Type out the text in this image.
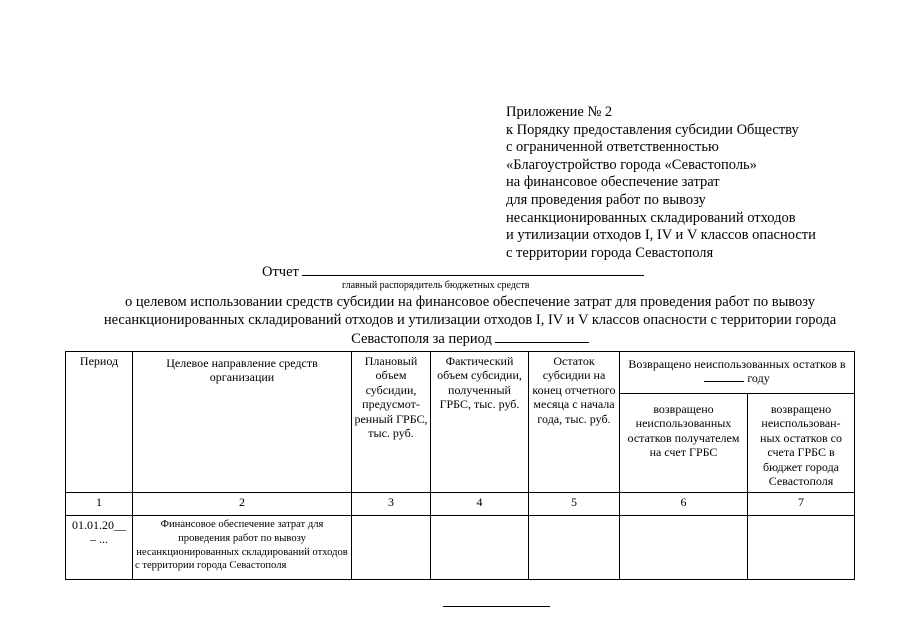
Приложение № 2
к Порядку предоставления субсидии Обществу
с ограниченной ответственностью
«Благоустройство города «Севастополь»
на финансовое обеспечение затрат
для проведения работ по вывозу
несанкционированных складирований отходов
и утилизации отходов I, IV и V классов опасности
с территории города Севастополя
Отчет
главный распорядитель бюджетных средств
о целевом использовании средств субсидии на финансовое обеспечение затрат для проведения работ по вывозу
несанкционированных складирований отходов и утилизации отходов I, IV и V классов опасности с территории города
Севастополя за период
Период	Целевое направление средств организации	Плановый объем субсидии, предусмот-ренный ГРБС, тыс. руб.	Фактический объем субсидии, полученный ГРБС, тыс. руб.	Остаток субсидии на конец отчетного месяца с начала года, тыс. руб.	Возвращено неиспользованных остатков в  году	
					возвращено неиспользованных остатков получателем на счет ГРБС	возвращено неиспользован-ных остатков со счета ГРБС в бюджет города Севастополя
1	2	3	4	5	6	7
01.01.20__ – ...	Финансовое обеспечение затрат для проведения работ по вывозу несанкционированных складирований отходов с территории города Севастополя					
